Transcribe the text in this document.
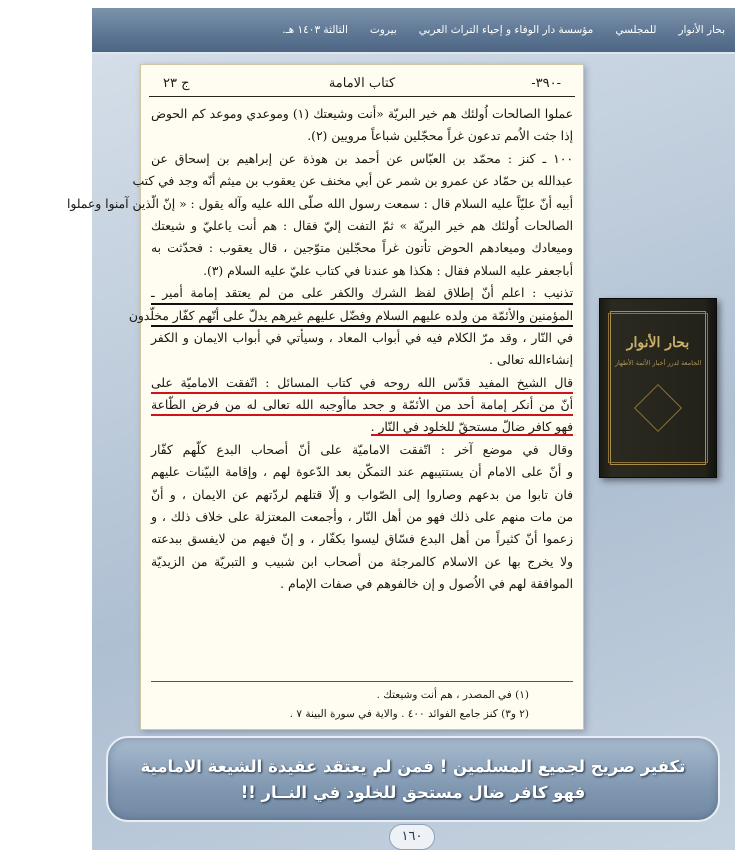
بحار الأنوار
للمجلسي
مؤسسة دار الوفاء و إحياء التراث العربي
بيروت
الثالثة ١٤٠٣ هـ.
-٣٩٠-
كتاب الامامة
ج ٢٣
عملوا الصالحات اُولئك هم خير البريّة «أنت وشيعتك (١) وموعدي وموعد كم الحوض
إذا جثت الاُمم تدعون غراً محجّلين شباعاً مرويين (٢).
١٠٠ ـ كنز : محمّد بن العبّاس عن أحمد بن هوذة عن إبراهيم بن إسحاق عن
عبدالله بن حمّاد عن عمرو بن شمر عن أبي مخنف عن يعقوب بن ميثم أنّه وجد في كتب
أبيه أنّ عليّاً عليه السلام قال : سمعت رسول الله صلّى الله عليه وآله يقول : « إنّ الّذين آمنوا وعملوا
الصالحات اُولئك هم خير البريّة » ثمّ التفت إليّ فقال : هم أنت ياعليّ و شيعتك
وميعادك وميعادهم الحوض تأتون غراً محجّلين متوّجين ، قال يعقوب : فحدّثت به
أباجعفر عليه السلام فقال : هكذا هو عندنا في كتاب عليّ عليه السلام (٣).
تذنيب : اعلم أنّ إطلاق لفظ الشرك والكفر على من لم يعتقد إمامة أمير ـ
المؤمنين والأئمّة من ولده عليهم السلام وفضّل عليهم غيرهم يدلّ على أنّهم كفّار مخلّدون
في النّار ، وقد مرّ الكلام فيه في أبواب المعاد ، وسيأتي في أبواب الايمان و الكفر
إنشاءالله تعالى .
قال الشيخ المفيد قدّس الله روحه في كتاب المسائل : اتّفقت الاماميّة على
أنّ من أنكر إمامة أحد من الأئمّة و جحد ماأوجبه الله تعالى له من فرض الطّاعة
فهو كافر ضالّ مستحقّ للخلود في النّار .
وقال في موضع آخر : اتّفقت الاماميّة على أنّ أصحاب البدع كلّهم كفّار
و أنّ على الامام أن يستتيبهم عند التمكّن بعد الدّعوة لهم ، وإقامة البيّنات عليهم
فان تابوا من بدعهم وصاروا إلى الصّواب و إلّا قتلهم لردّتهم عن الايمان ، و أنّ
من مات منهم على ذلك فهو من أهل النّار ، وأجمعت المعتزلة على خلاف ذلك ، و
زعموا أنّ كثيراً من أهل البدع فسّاق ليسوا بكفّار ، و إنّ فيهم من لايفسق ببدعته
ولا يخرج بها عن الاسلام كالمرجئة من أصحاب ابن شبيب و التبريّة من الزيديّة
الموافقة لهم في الاُصول و إن خالفوهم في صفات الإمام .
(١) في المصدر ، هم أنت وشيعتك .
(٢ و٣) كنز جامع الفوائد ٤٠٠ . والاية في سورة البينة ٧ .
بحار الأنوار
الجامعة لدرر أخبار الأئمة الأطهار
تكفير صريح لجميع المسلمين ! فمن لم يعتقد عقيدة الشيعة الامامية
فهو كافر ضال مستحق للخلود في النــار !!
١٦٠
